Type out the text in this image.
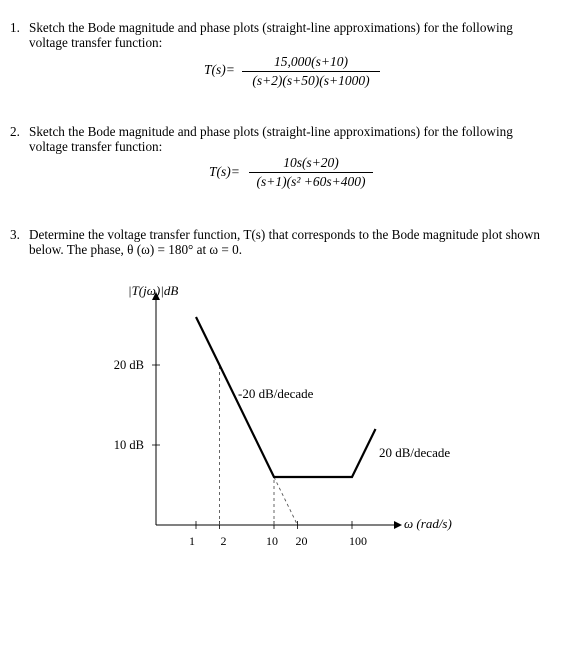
1. Sketch the Bode magnitude and phase plots (straight-line approximations) for the following voltage transfer function:
T(s)=
15,000(s+10)
(s+2)(s+50)(s+1000)
2. Sketch the Bode magnitude and phase plots (straight-line approximations) for the following voltage transfer function:
T(s)=
10s(s+20)
(s+1)(s² +60s+400)
3. Determine the voltage transfer function, T(s) that corresponds to the Bode magnitude plot shown below. The phase, θ (ω) = 180° at ω = 0.
|T(jω)|dB
ω (rad/s)
20 dB
10 dB
1 2	10 20	100
-20 dB/decade
20 dB/decade
